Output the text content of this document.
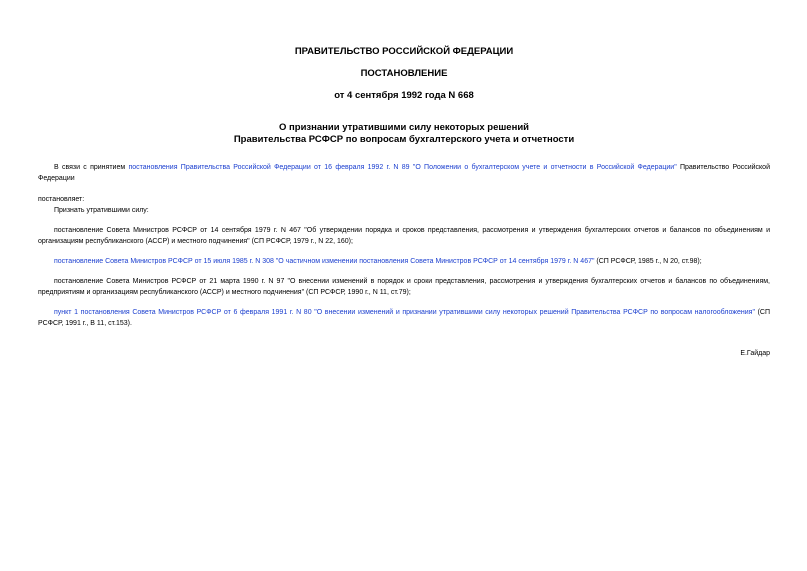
ПРАВИТЕЛЬСТВО РОССИЙСКОЙ ФЕДЕРАЦИИ
ПОСТАНОВЛЕНИЕ
от 4 сентября 1992 года N 668
О признании утратившими силу некоторых решений
Правительства РСФСР по вопросам бухгалтерского учета и отчетности
В связи с принятием постановления Правительства Российской Федерации от 16 февраля 1992 г. N 89 "О Положении о бухгалтерском учете и отчетности в Российской Федерации" Правительство Российской Федерации
постановляет:
Признать утратившими силу:
постановление Совета Министров РСФСР от 14 сентября 1979 г. N 467 "Об утверждении порядка и сроков представления, рассмотрения и утверждения бухгалтерских отчетов и балансов по объединениям и организациям республиканского (АССР) и местного подчинения" (СП РСФСР, 1979 г., N 22, 160);
постановление Совета Министров РСФСР от 15 июля 1985 г. N 308 "О частичном изменении постановления Совета Министров РСФСР от 14 сентября 1979 г. N 467" (СП РСФСР, 1985 г., N 20, ст.98);
постановление Совета Министров РСФСР от 21 марта 1990 г. N 97 "О внесении изменений в порядок и сроки представления, рассмотрения и утверждения бухгалтерских отчетов и балансов по объединениям, предприятиям и организациям республиканского (АССР) и местного подчинения" (СП РСФСР, 1990 г., N 11, ст.79);
пункт 1 постановления Совета Министров РСФСР от 6 февраля 1991 г. N 80 "О внесении изменений и признании утратившими силу некоторых решений Правительства РСФСР по вопросам налогообложения" (СП РСФСР, 1991 г., В 11, ст.153).
Е.Гайдар
